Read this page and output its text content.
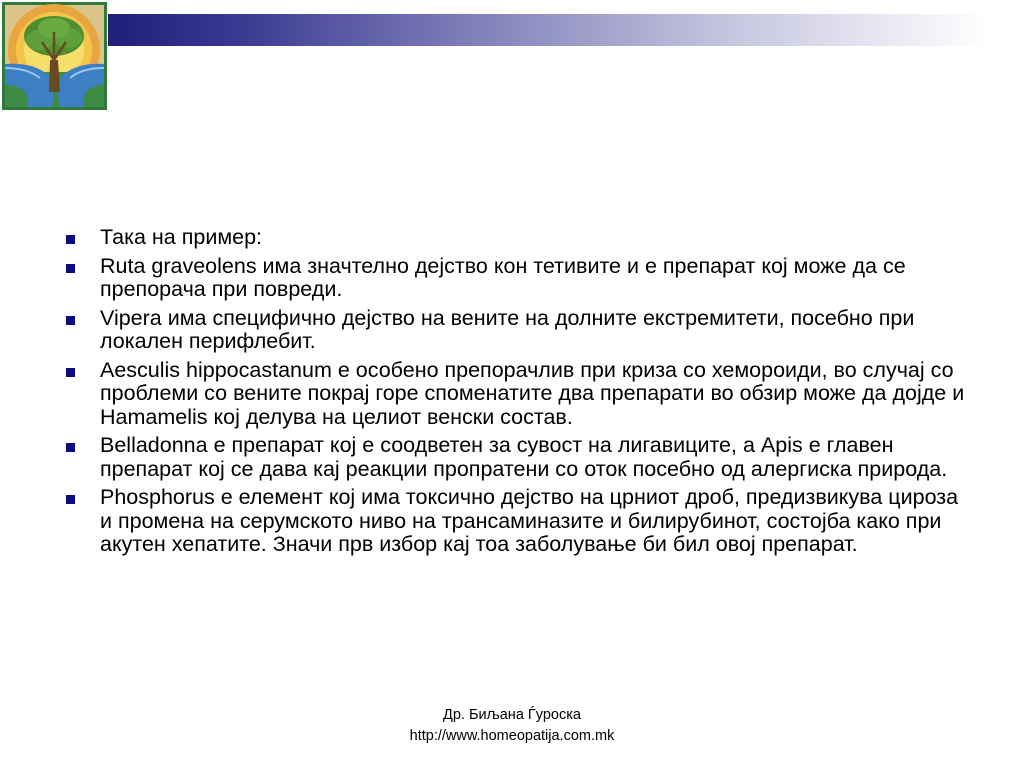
Така на пример:
Ruta graveolens има значтелно дејство кон тетивите и е препарат кој може да се препорача при повреди.
Vipera има специфично дејство на вените на долните екстремитети, посебно при локален перифлебит.
Aesculis hippocastanum е особено препорачлив при криза со хемороиди, во случај со проблеми со вените покрај горе споменатите два препарати во обзир може да дојде и Hamamelis кој делува на целиот венски состав.
Belladonna е препарат кој е соодветен за сувост на лигавиците, а Apis е главен препарат кој се дава кај реакции пропратени со оток посебно од алергиска природа.
Phosphorus е елемент кој има токсично дејство на црниот дроб, предизвикува цироза и промена на серумското ниво на трансаминазите и билирубинот, состојба како при акутен хепатите. Значи прв избор кај тоа заболување би бил овој препарат.
Др. Биљана Ѓуроска
http://www.homeopatija.com.mk
